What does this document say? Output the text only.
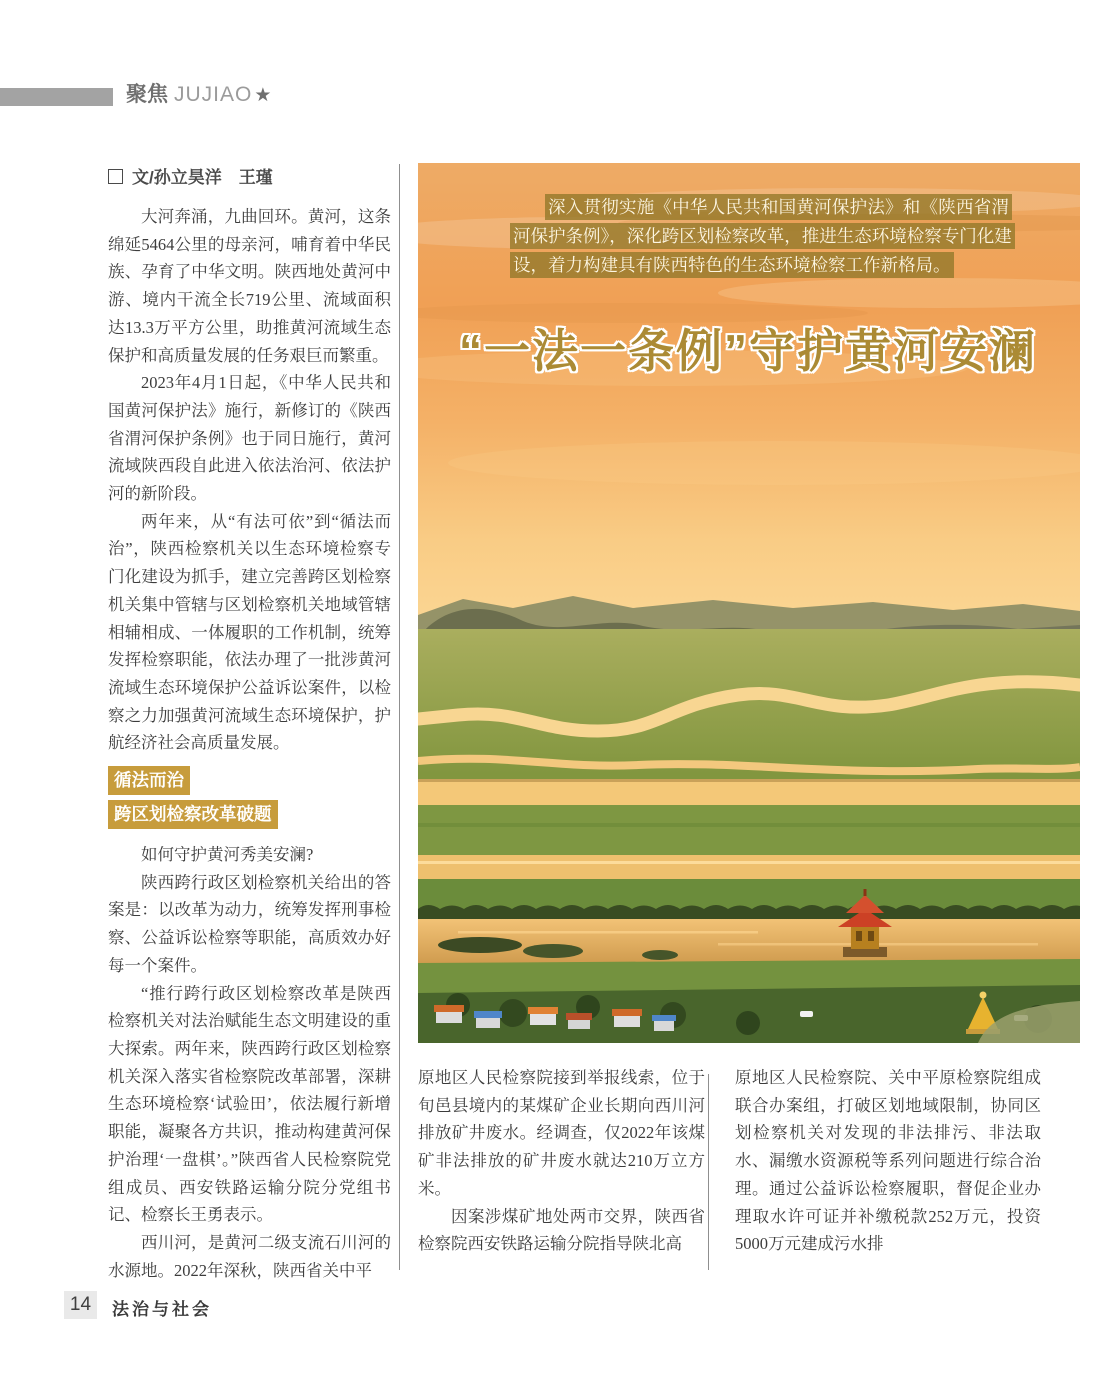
聚焦 JUJIAO ★
文/孙立昊洋　王瑾

大河奔涌，九曲回环。黄河，这条绵延5464公里的母亲河，哺育着中华民族、孕育了中华文明。陕西地处黄河中游、境内干流全长719公里、流域面积达13.3万平方公里，助推黄河流域生态保护和高质量发展的任务艰巨而繁重。

2023年4月1日起，《中华人民共和国黄河保护法》施行，新修订的《陕西省渭河保护条例》也于同日施行，黄河流域陕西段自此进入依法治河、依法护河的新阶段。

两年来，从“有法可依”到“循法而治”，陕西检察机关以生态环境检察专门化建设为抓手，建立完善跨区划检察机关集中管辖与区划检察机关地域管辖相辅相成、一体履职的工作机制，统筹发挥检察职能，依法办理了一批涉黄河流域生态环境保护公益诉讼案件，以检察之力加强黄河流域生态环境保护，护航经济社会高质量发展。

循法而治
跨区划检察改革破题

如何守护黄河秀美安澜?

陕西跨行政区划检察机关给出的答案是：以改革为动力，统筹发挥刑事检察、公益诉讼检察等职能，高质效办好每一个案件。

“推行跨行政区划检察改革是陕西检察机关对法治赋能生态文明建设的重大探索。两年来，陕西跨行政区划检察机关深入落实省检察院改革部署，深耕生态环境检察‘试验田’，依法履行新增职能，凝聚各方共识，推动构建黄河保护治理‘一盘棋’。”陕西省人民检察院党组成员、西安铁路运输分院分党组书记、检察长王勇表示。

西川河，是黄河二级支流石川河的水源地。2022年深秋，陕西省关中平

深入贯彻实施《中华人民共和国黄河保护法》和《陕西省渭河保护条例》，深化跨区划检察改革，推进生态环境检察专门化建设，着力构建具有陕西特色的生态环境检察工作新格局。

“一法一条例”守护黄河安澜

原地区人民检察院接到举报线索，位于旬邑县境内的某煤矿企业长期向西川河排放矿井废水。经调查，仅2022年该煤矿非法排放的矿井废水就达210万立方米。

因案涉煤矿地处两市交界，陕西省检察院西安铁路运输分院指导陕北高

原地区人民检察院、关中平原检察院组成联合办案组，打破区划地域限制，协同区划检察机关对发现的非法排污、非法取水、漏缴水资源税等系列问题进行综合治理。通过公益诉讼检察履职，督促企业办理取水许可证并补缴税款252万元，投资5000万元建成污水排

14	法治与社会
